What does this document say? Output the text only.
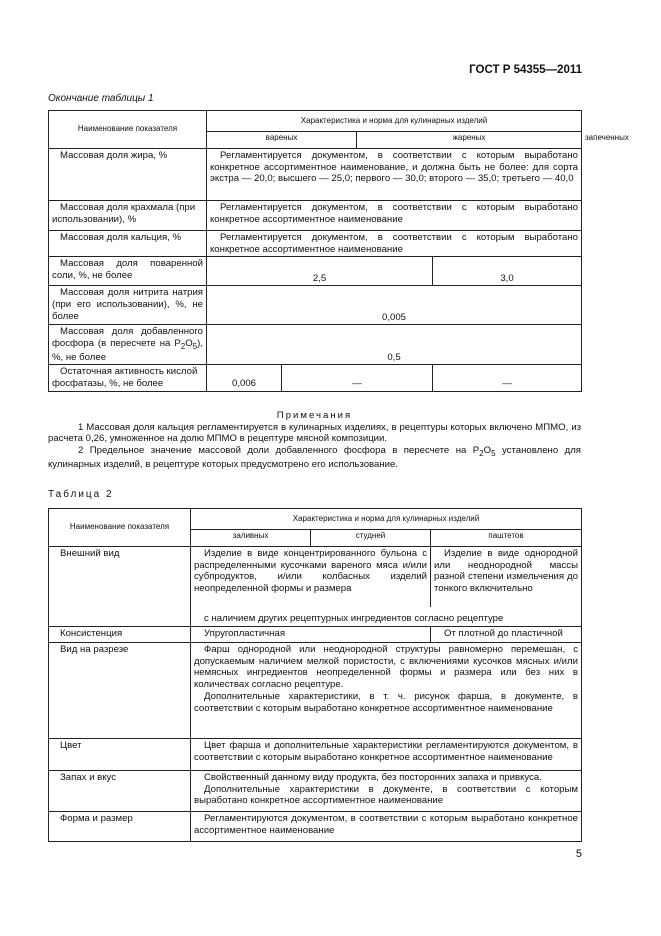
ГОСТ Р 54355—2011
Окончание таблицы 1
Наименование показателя	Характеристика и норма для кулинарных изделий				
	вареных		жареных		запеченных
Массовая доля жира, %	Регламентируется документом, в соответствии с которым выработано конкретное ассортиментное наименование, и должна быть не более: для сорта экстра — 20,0; высшего — 25,0; первого — 30,0; второго — 35,0; третьего — 40,0				
Массовая доля крахмала (при использовании), %	Регламентируется документом, в соответствии с которым выработано конкретное ассортиментное наименование				
Массовая доля кальция, %	Регламентируется документом, в соответствии с которым выработано конкретное ассортиментное наименование				
Массовая доля поваренной соли, %, не более	2,5			3,0	
Массовая доля нитрита натрия (при его использовании), %, не более	0,005				
Массовая доля добавленного фосфора (в пересчете на $P_2O_5$), %, не более	0,5				
Остаточная активность кислой фосфатазы, %, не более	0,006	—		—	
Примечания

1 Массовая доля кальция регламентируется в кулинарных изделиях, в рецептуры которых включено МПМО, из расчета 0,26, умноженное на долю МПМО в рецептуре мясной композиции.

2 Предельное значение массовой доли добавленного фосфора в пересчете на $P_2O_5$ установлено для кулинарных изделий, в рецептуре которых предусмотрено его использование.

Таблица 2
Наименование показателя	Характеристика и норма для кулинарных изделий		
	заливных	студней	паштетов
Внешний вид	Изделие в виде концентрированного бульона с распределенными кусочками вареного мяса и/или субпродуктов, и/или колбасных изделий неопределенной формы и размера		Изделие в виде однородной или неоднородной массы разной степени измельчения до тонкого включительно
	с наличием других рецептурных ингредиентов согласно рецептуре		
Консистенция	Упругопластичная		От плотной до пластичной
Вид на разрезе	Фарш однородной или неоднородной структуры равномерно перемешан, с допускаемым наличием мелкой пористости, с включениями кусочков мясных и/или немясных ингредиентов неопределенной формы и размера или без них в количествах согласно рецептуре.
Дополнительные характеристики, в т. ч. рисунок фарша, в документе, в соответствии с которым выработано конкретное ассортиментное наименование		

Цвет	Цвет фарша и дополнительные характеристики регламентируются документом, в соответствии с которым выработано конкретное ассортиментное наименование		
Запах и вкус	Свойственный данному виду продукта, без посторонних запаха и привкуса.
Дополнительные характеристики в документе, в соответствии с которым выработано конкретное ассортиментное наименование		

Форма и размер	Регламентируются документом, в соответствии с которым выработано конкретное ассортиментное наименование		
5
